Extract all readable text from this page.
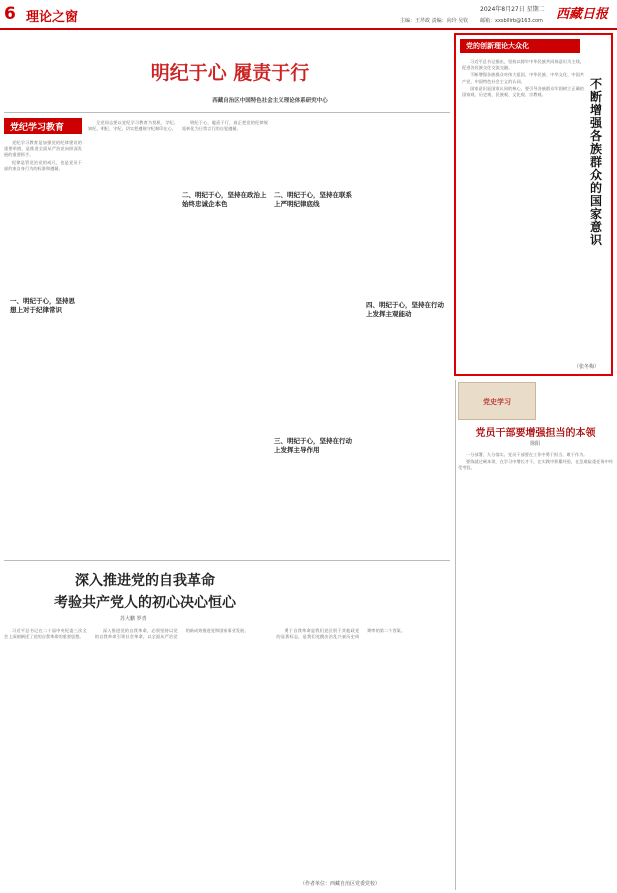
6 理论之窗
2024年8月27日 星期二
主编：王芹政 责编：向玲 吴钦 邮箱：xxsblllrb@163.com 西藏日报
明纪于心 履责于行
西藏自治区中国特色社会主义理论体系研究中心
党纪学习教育

党纪学习教育是加强党的纪律建设的重要举措，是推进全面从严治党向纵深发展的重要抓手。

纪律是管党治党的戒尺，也是党员干部约束自身行为的标准和遵循。

一、明纪于心，坚持思想上对于纪律常识

全党同志要以党纪学习教育为契机，学纪、知纪、明纪、守纪，切实把遵规守纪刻印在心。

二、明纪于心，坚持在政治上始终忠诚企本色

明纪于心，履责于行，真正把党的纪律规矩转化为日常言行的自觉遵循。

二、明纪于心，坚持在联系上严明纪律底线
三、明纪于心，坚持在行动上发挥主导作用
四、明纪于心，坚持在行动上发挥主观能动
党的创新理论大众化

习近平总书记指出，坚持以铸牢中华民族共同体意识为主线，促进各民族交往交流交融。

不断增强各族群众对伟大祖国、中华民族、中华文化、中国共产党、中国特色社会主义的认同。

国家意识是国家认同的核心，要引导各族群众牢固树立正确的国家观、历史观、民族观、文化观、宗教观。

（张冬梅）
不断增强各族群众的国家意识
党史学习
党员干部要增强担当的本领
徐阳

一分部署，九分落实。党员干部要在工作中勇于担当、敢于作为。

要练就过硬本领，在学习中增长才干，在实践中积累经验，在急难险重任务中经受考验。

深入推进党的自我革命
考验共产党人的初心决心恒心
苏大鹏 罗青

习近平总书记在二十届中央纪委三次全会上深刻阐述了党的自我革命的重要思想。

深入推进党的自我革命，必须坚持以党的自我革命引领社会革命，以全面从严治党的新成效推进党和国家事业发展。	勇于自我革命是我们党区别于其他政党的显著标志，是我们党跳出治乱兴衰历史周期率的第二个答案。

（作者单位：西藏自治区党委党校）
